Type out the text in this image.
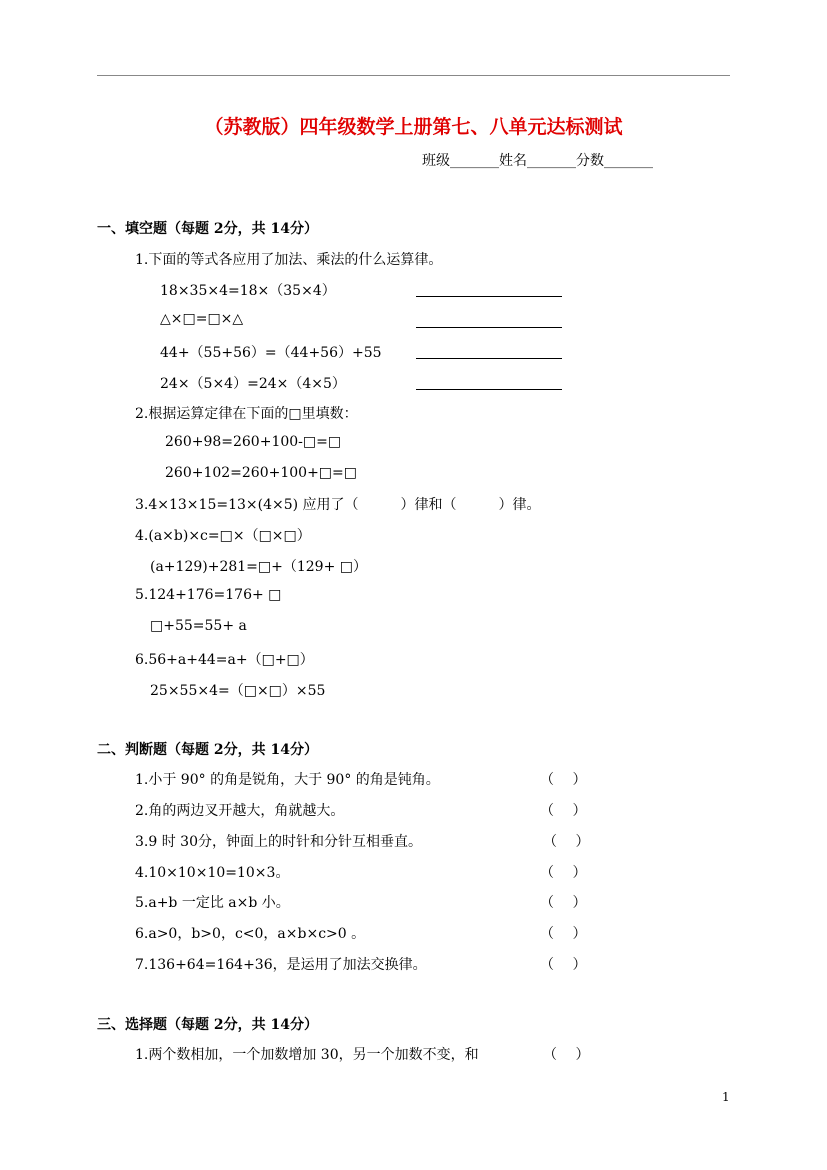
（苏教版）四年级数学上册第七、八单元达标测试
班级_______姓名_______分数_______
一、填空题（每题 2分，共 14分）
1.下面的等式各应用了加法、乘法的什么运算律。
18×35×4=18×（35×4）
△×□=□×△
44+（55+56）=（44+56）+55
24×（5×4）=24×（4×5）
2.根据运算定律在下面的□里填数：
260+98=260+100-□=□
260+102=260+100+□=□
3.4×13×15=13×(4×5) 应用了（　　　）律和（　　　）律。
4.(a×b)×c=□×（□×□）
(a+129)+281=□+（129+ □）
5.124+176=176+ □
□+55=55+ a
6.56+a+44=a+（□+□）
25×55×4=（□×□）×55
二、判断题（每题 2分，共 14分）
1.小于 90° 的角是锐角，大于 90° 的角是钝角。	（　 ）
2.角的两边叉开越大，角就越大。	（　 ）
3.9 时 30分，钟面上的时针和分针互相垂直。	（　 ）
4.10×10×10=10×3。	（　 ）
5.a+b 一定比 a×b 小。	（　 ）
6.a>0，b>0，c<0，a×b×c>0 。	（　 ）
7.136+64=164+36，是运用了加法交换律。	（　 ）
三、选择题（每题 2分，共 14分）
1.两个数相加，一个加数增加 30，另一个加数不变，和	（　 ）
1
